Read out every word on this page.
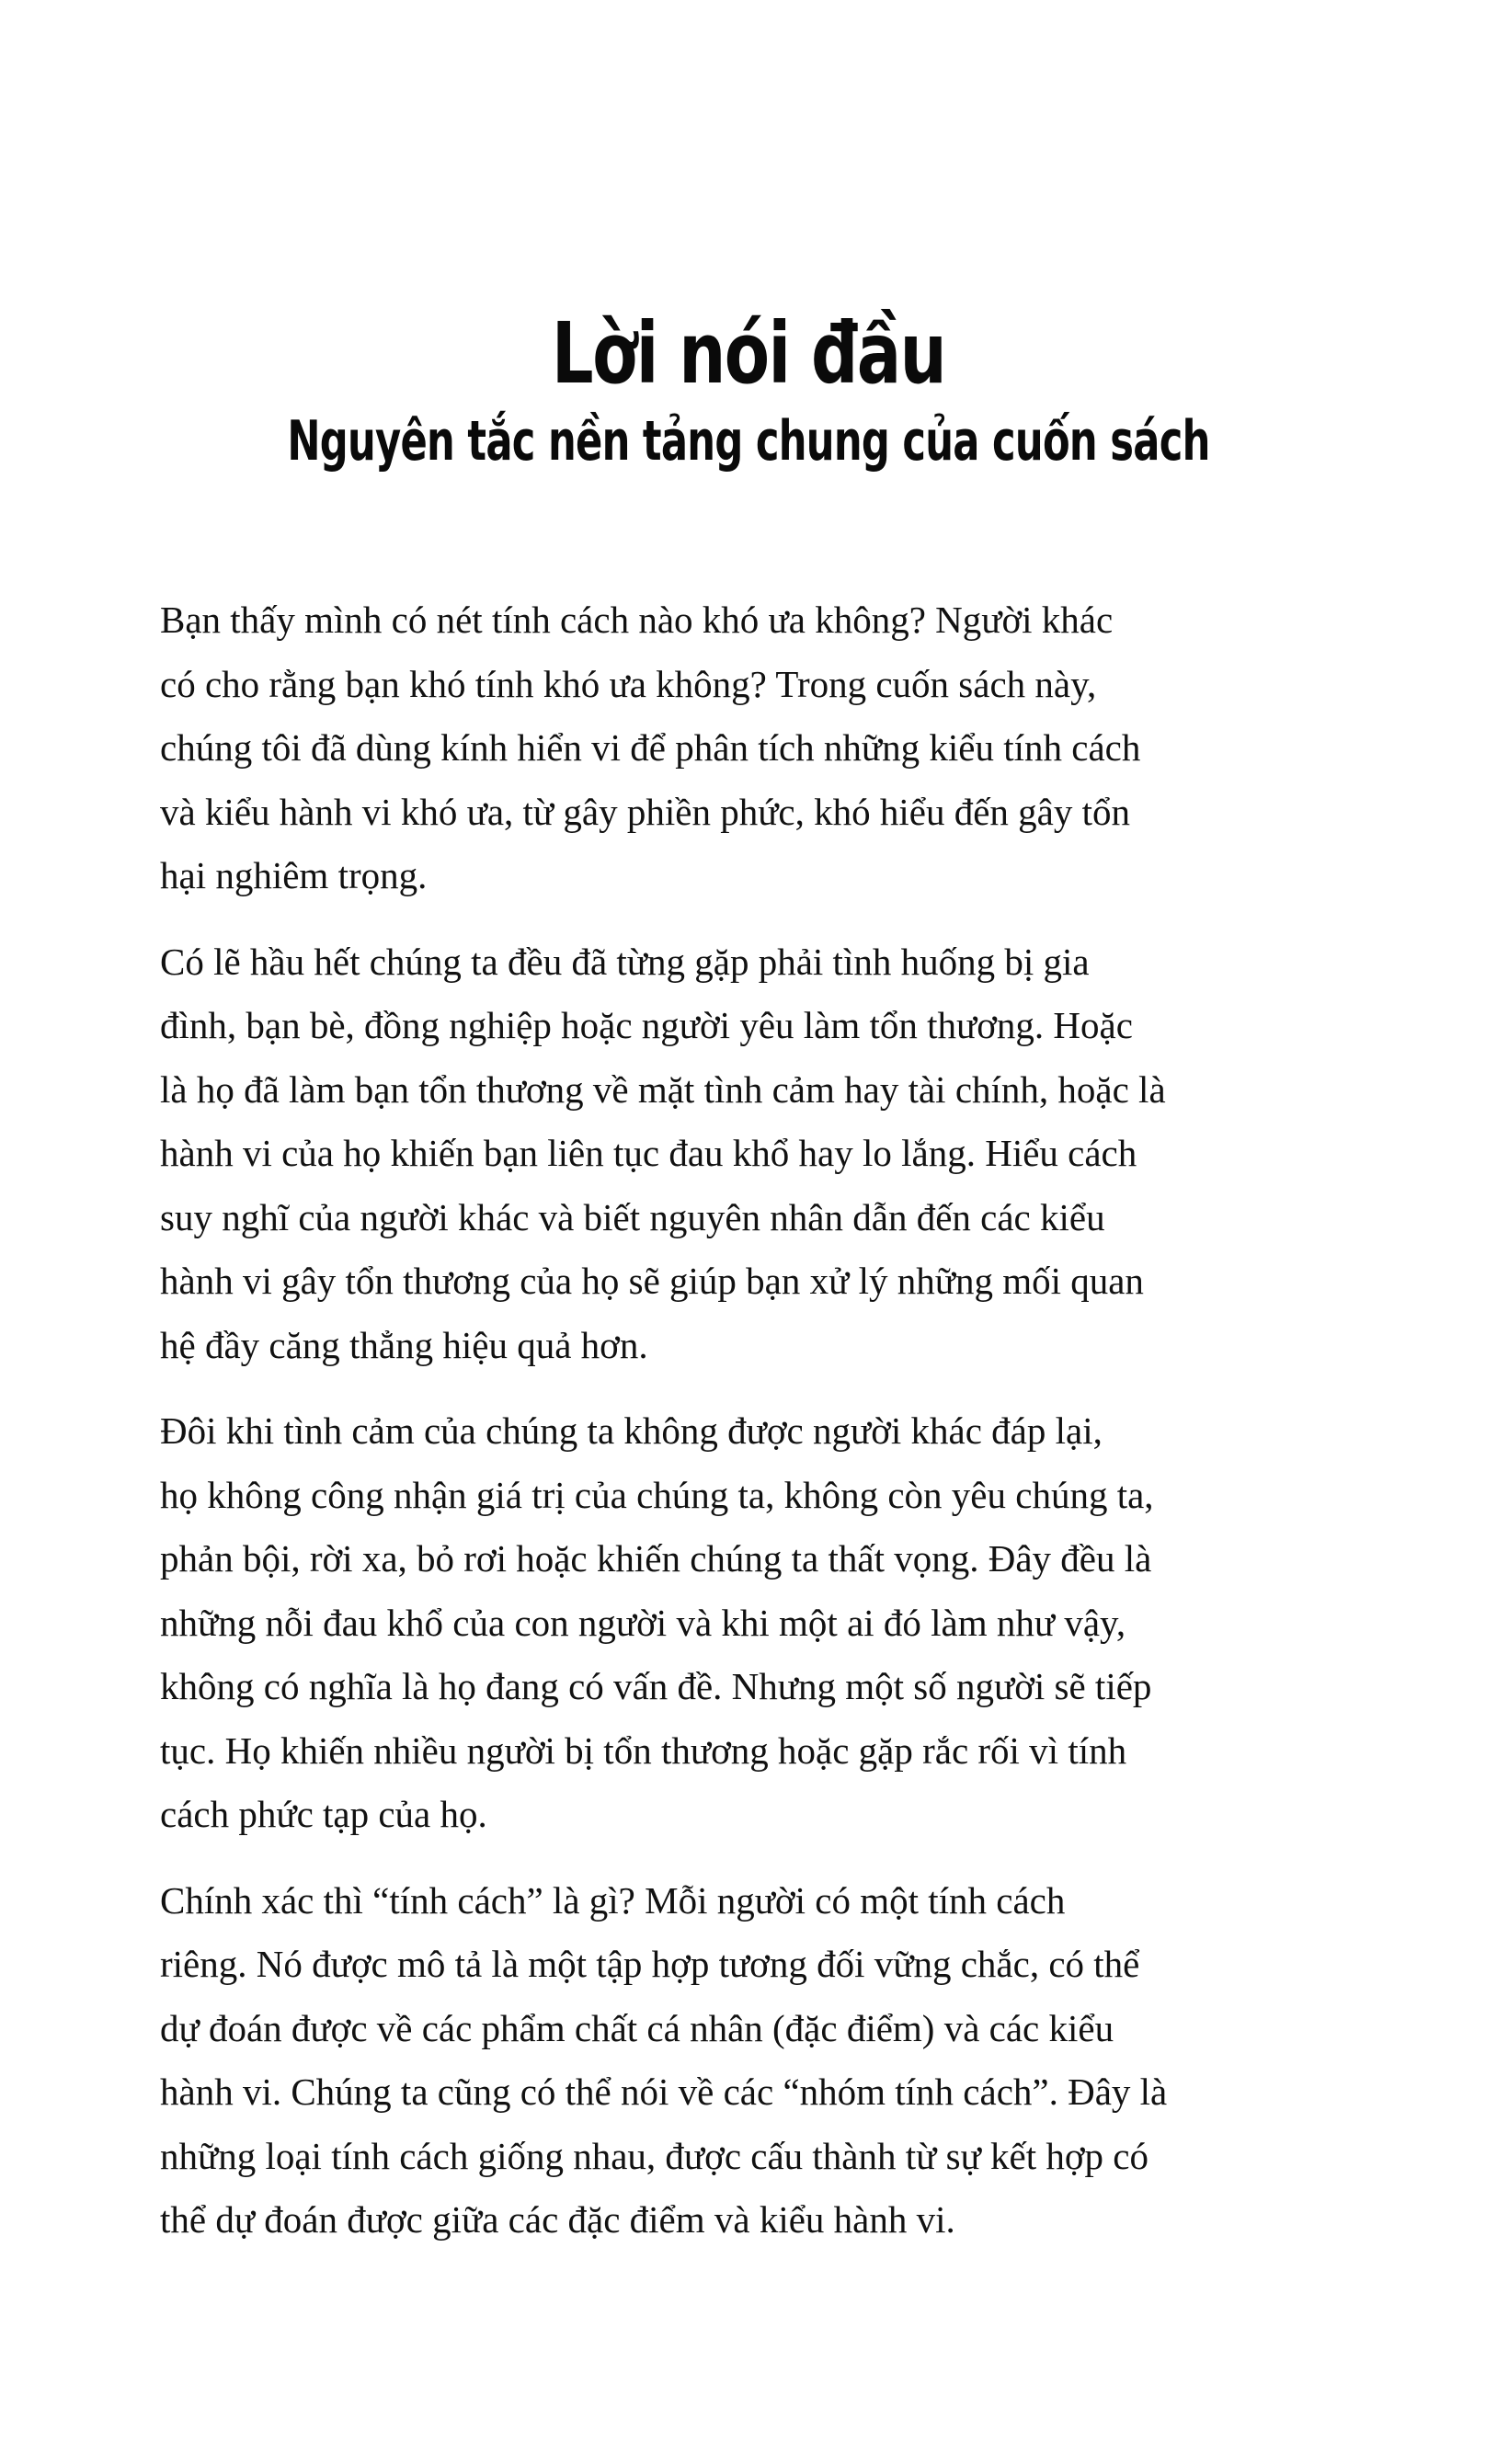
Lời nói đầu
Nguyên tắc nền tảng chung của cuốn sách
Bạn thấy mình có nét tính cách nào khó ưa không? Người khác
có cho rằng bạn khó tính khó ưa không? Trong cuốn sách này,
chúng tôi đã dùng kính hiển vi để phân tích những kiểu tính cách
và kiểu hành vi khó ưa, từ gây phiền phức, khó hiểu đến gây tổn
hại nghiêm trọng.
Có lẽ hầu hết chúng ta đều đã từng gặp phải tình huống bị gia
đình, bạn bè, đồng nghiệp hoặc người yêu làm tổn thương. Hoặc
là họ đã làm bạn tổn thương về mặt tình cảm hay tài chính, hoặc là
hành vi của họ khiến bạn liên tục đau khổ hay lo lắng. Hiểu cách
suy nghĩ của người khác và biết nguyên nhân dẫn đến các kiểu
hành vi gây tổn thương của họ sẽ giúp bạn xử lý những mối quan
hệ đầy căng thẳng hiệu quả hơn.
Đôi khi tình cảm của chúng ta không được người khác đáp lại,
họ không công nhận giá trị của chúng ta, không còn yêu chúng ta,
phản bội, rời xa, bỏ rơi hoặc khiến chúng ta thất vọng. Đây đều là
những nỗi đau khổ của con người và khi một ai đó làm như vậy,
không có nghĩa là họ đang có vấn đề. Nhưng một số người sẽ tiếp
tục. Họ khiến nhiều người bị tổn thương hoặc gặp rắc rối vì tính
cách phức tạp của họ.
Chính xác thì “tính cách” là gì? Mỗi người có một tính cách
riêng. Nó được mô tả là một tập hợp tương đối vững chắc, có thể
dự đoán được về các phẩm chất cá nhân (đặc điểm) và các kiểu
hành vi. Chúng ta cũng có thể nói về các “nhóm tính cách”. Đây là
những loại tính cách giống nhau, được cấu thành từ sự kết hợp có
thể dự đoán được giữa các đặc điểm và kiểu hành vi.
